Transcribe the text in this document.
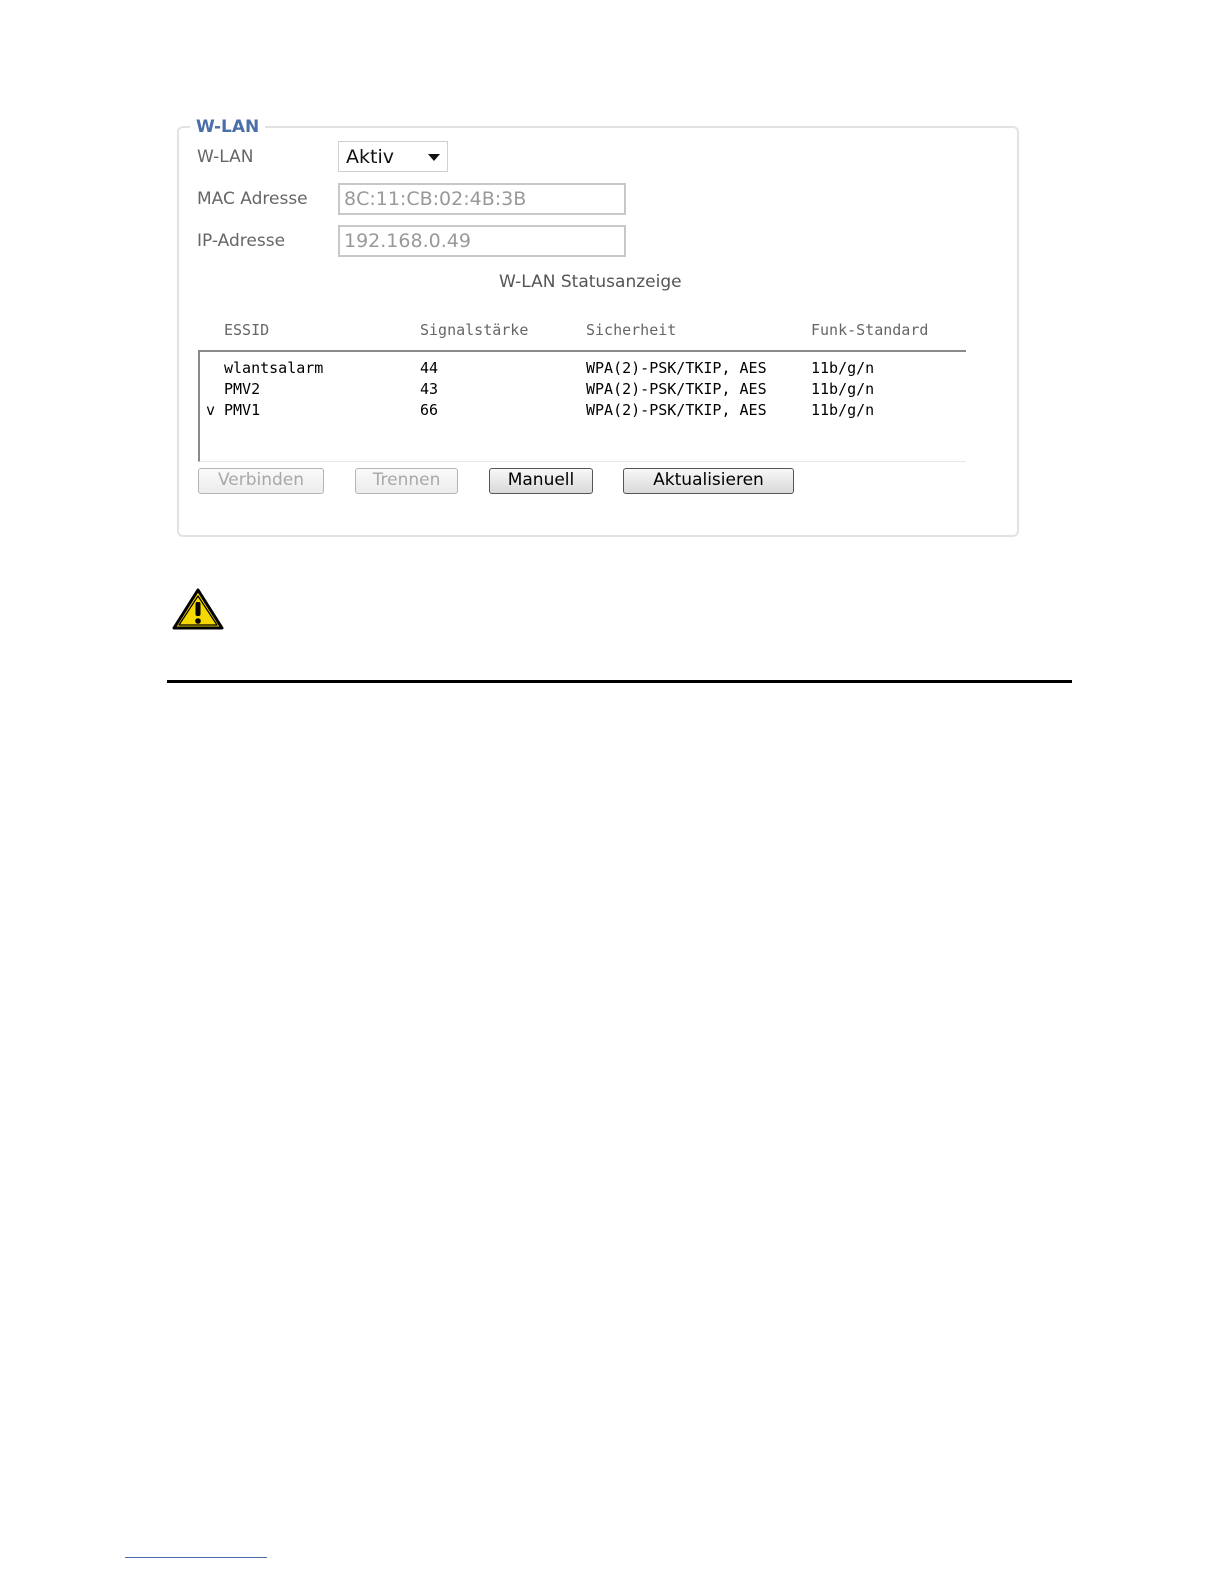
W-LAN
W-LAN	Aktiv
MAC Adresse	8C:11:CB:02:4B:3B
IP-Adresse	192.168.0.49
W-LAN Statusanzeige
ESSID	Signalstärke	Sicherheit	Funk-Standard
wlantsalarm	44	WPA(2)-PSK/TKIP, AES	11b/g/n
PMV2	43	WPA(2)-PSK/TKIP, AES	11b/g/n
v PMV1	66	WPA(2)-PSK/TKIP, AES	11b/g/n
Verbinden	Trennen	Manuell	Aktualisieren
